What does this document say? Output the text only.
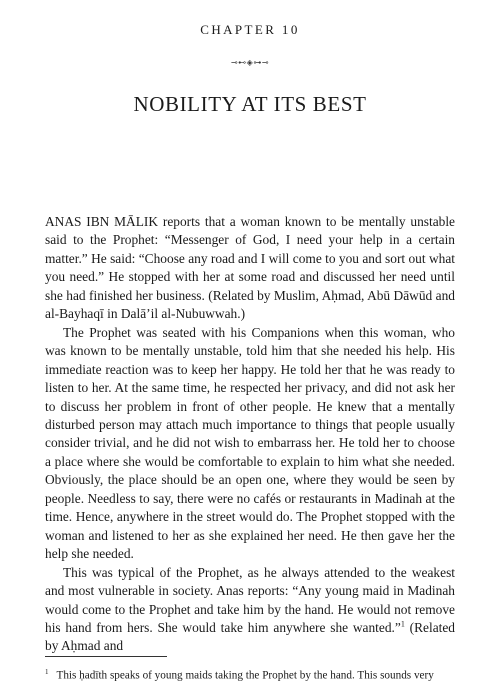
CHAPTER 10
⊸⊷◈⊶⊸
NOBILITY AT ITS BEST

ANAS IBN MĀLIK reports that a woman known to be mentally unstable said to the Prophet: “Messenger of God, I need your help in a certain matter.” He said: “Choose any road and I will come to you and sort out what you need.” He stopped with her at some road and discussed her need until she had finished her business. (Related by Muslim, Aḥmad, Abū Dāwūd and al-Bayhaqī in Dalā’il al-Nubuwwah.)

The Prophet was seated with his Companions when this woman, who was known to be mentally unstable, told him that she needed his help. His immediate reaction was to keep her happy. He told her that he was ready to listen to her. At the same time, he respected her privacy, and did not ask her to discuss her problem in front of other people. He knew that a mentally disturbed person may attach much importance to things that people usually consider trivial, and he did not wish to embarrass her. He told her to choose a place where she would be comfortable to explain to him what she needed. Obviously, the place should be an open one, where they would be seen by people. Needless to say, there were no cafés or restaurants in Madinah at the time. Hence, anywhere in the street would do. The Prophet stopped with the woman and listened to her as she explained her need. He then gave her the help she needed.

This was typical of the Prophet, as he always attended to the weakest and most vulnerable in society. Anas reports: “Any young maid in Madinah would come to the Prophet and take him by the hand. He would not remove his hand from hers. She would take him anywhere she wanted.”$^1$ (Related by Aḥmad and

$^1$ This ḥadīth speaks of young maids taking the Prophet by the hand. This sounds very
